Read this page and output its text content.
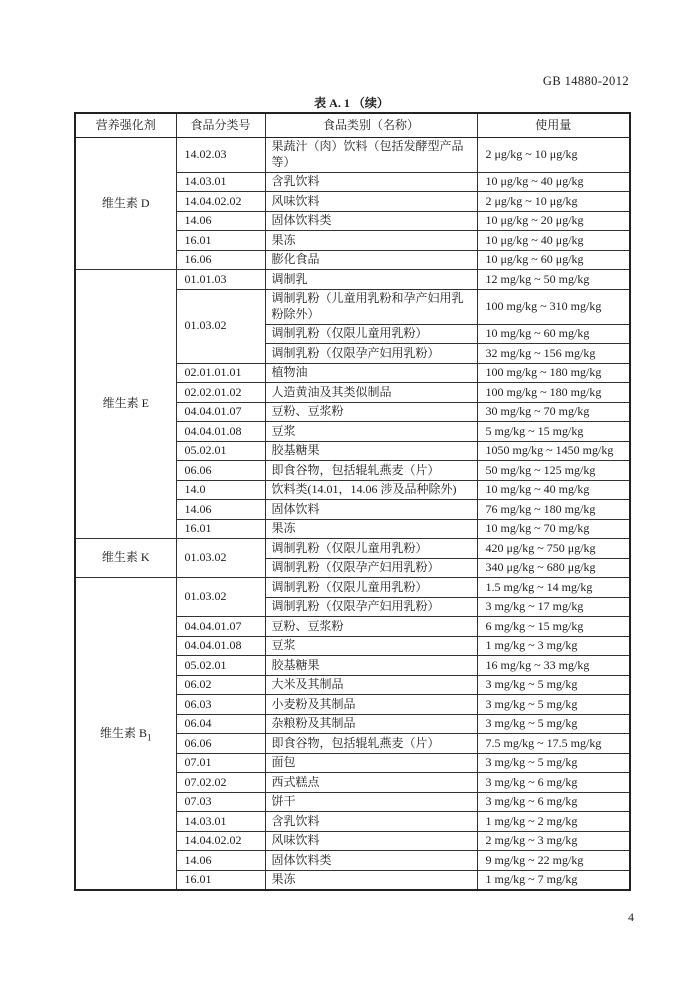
GB 14880-2012
表 A. 1 （续）
营养强化剂	食品分类号	食品类别（名称）	使用量
维生素 D	14.02.03	果蔬汁（肉）饮料（包括发酵型产品等）	2 μg/kg ~ 10 μg/kg
	14.03.01	含乳饮料	10 μg/kg ~ 40 μg/kg
	14.04.02.02	风味饮料	2 μg/kg ~ 10 μg/kg
	14.06	固体饮料类	10 μg/kg ~ 20 μg/kg
	16.01	果冻	10 μg/kg ~ 40 μg/kg
	16.06	膨化食品	10 μg/kg ~ 60 μg/kg
维生素 E	01.01.03	调制乳	12 mg/kg ~ 50 mg/kg
	01.03.02	调制乳粉（儿童用乳粉和孕产妇用乳粉除外）	100 mg/kg ~ 310 mg/kg
		调制乳粉（仅限儿童用乳粉）	10 mg/kg ~ 60 mg/kg
		调制乳粉（仅限孕产妇用乳粉）	32 mg/kg ~ 156 mg/kg
	02.01.01.01	植物油	100 mg/kg ~ 180 mg/kg
	02.02.01.02	人造黄油及其类似制品	100 mg/kg ~ 180 mg/kg
	04.04.01.07	豆粉、豆浆粉	30 mg/kg ~ 70 mg/kg
	04.04.01.08	豆浆	5 mg/kg ~ 15 mg/kg
	05.02.01	胶基糖果	1050 mg/kg ~ 1450 mg/kg
	06.06	即食谷物，包括辊轧燕麦（片）	50 mg/kg ~ 125 mg/kg
	14.0	饮料类(14.01，14.06 涉及品种除外)	10 mg/kg ~ 40 mg/kg
	14.06	固体饮料	76 mg/kg ~ 180 mg/kg
	16.01	果冻	10 mg/kg ~ 70 mg/kg
维生素 K	01.03.02	调制乳粉（仅限儿童用乳粉）	420 μg/kg ~ 750 μg/kg
		调制乳粉（仅限孕产妇用乳粉）	340 μg/kg ~ 680 μg/kg
维生素 $B_1$	01.03.02	调制乳粉（仅限儿童用乳粉）	1.5 mg/kg ~ 14 mg/kg
		调制乳粉（仅限孕产妇用乳粉）	3 mg/kg ~ 17 mg/kg
	04.04.01.07	豆粉、豆浆粉	6 mg/kg ~ 15 mg/kg
	04.04.01.08	豆浆	1 mg/kg ~ 3 mg/kg
	05.02.01	胶基糖果	16 mg/kg ~ 33 mg/kg
	06.02	大米及其制品	3 mg/kg ~ 5 mg/kg
	06.03	小麦粉及其制品	3 mg/kg ~ 5 mg/kg
	06.04	杂粮粉及其制品	3 mg/kg ~ 5 mg/kg
	06.06	即食谷物，包括辊轧燕麦（片）	7.5 mg/kg ~ 17.5 mg/kg
	07.01	面包	3 mg/kg ~ 5 mg/kg
	07.02.02	西式糕点	3 mg/kg ~ 6 mg/kg
	07.03	饼干	3 mg/kg ~ 6 mg/kg
	14.03.01	含乳饮料	1 mg/kg ~ 2 mg/kg
	14.04.02.02	风味饮料	2 mg/kg ~ 3 mg/kg
	14.06	固体饮料类	9 mg/kg ~ 22 mg/kg
	16.01	果冻	1 mg/kg ~ 7 mg/kg
4
